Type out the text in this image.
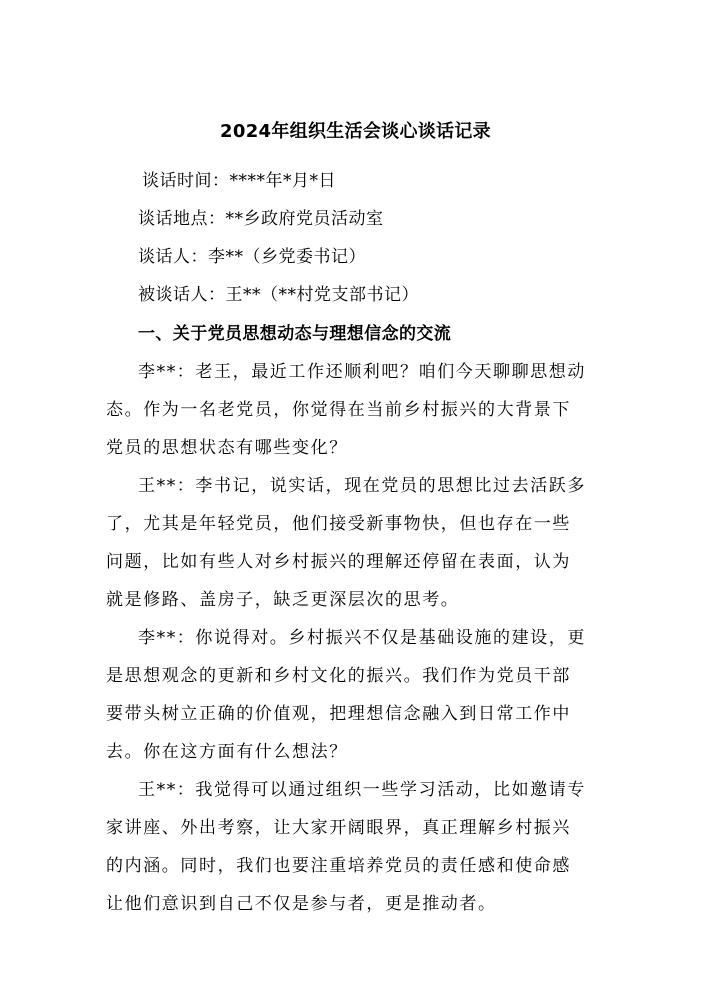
2024年组织生活会谈心谈话记录
谈话时间：****年*月*日
谈话地点：**乡政府党员活动室
谈话人：李**（乡党委书记）
被谈话人：王**（**村党支部书记）
一、关于党员思想动态与理想信念的交流
李**：老王，最近工作还顺利吧？咱们今天聊聊思想动
态。作为一名老党员，你觉得在当前乡村振兴的大背景下
党员的思想状态有哪些变化？
王**：李书记，说实话，现在党员的思想比过去活跃多
了，尤其是年轻党员，他们接受新事物快，但也存在一些
问题，比如有些人对乡村振兴的理解还停留在表面，认为
就是修路、盖房子，缺乏更深层次的思考。
李**：你说得对。乡村振兴不仅是基础设施的建设，更
是思想观念的更新和乡村文化的振兴。我们作为党员干部
要带头树立正确的价值观，把理想信念融入到日常工作中
去。你在这方面有什么想法？
王**：我觉得可以通过组织一些学习活动，比如邀请专
家讲座、外出考察，让大家开阔眼界，真正理解乡村振兴
的内涵。同时，我们也要注重培养党员的责任感和使命感
让他们意识到自己不仅是参与者，更是推动者。
